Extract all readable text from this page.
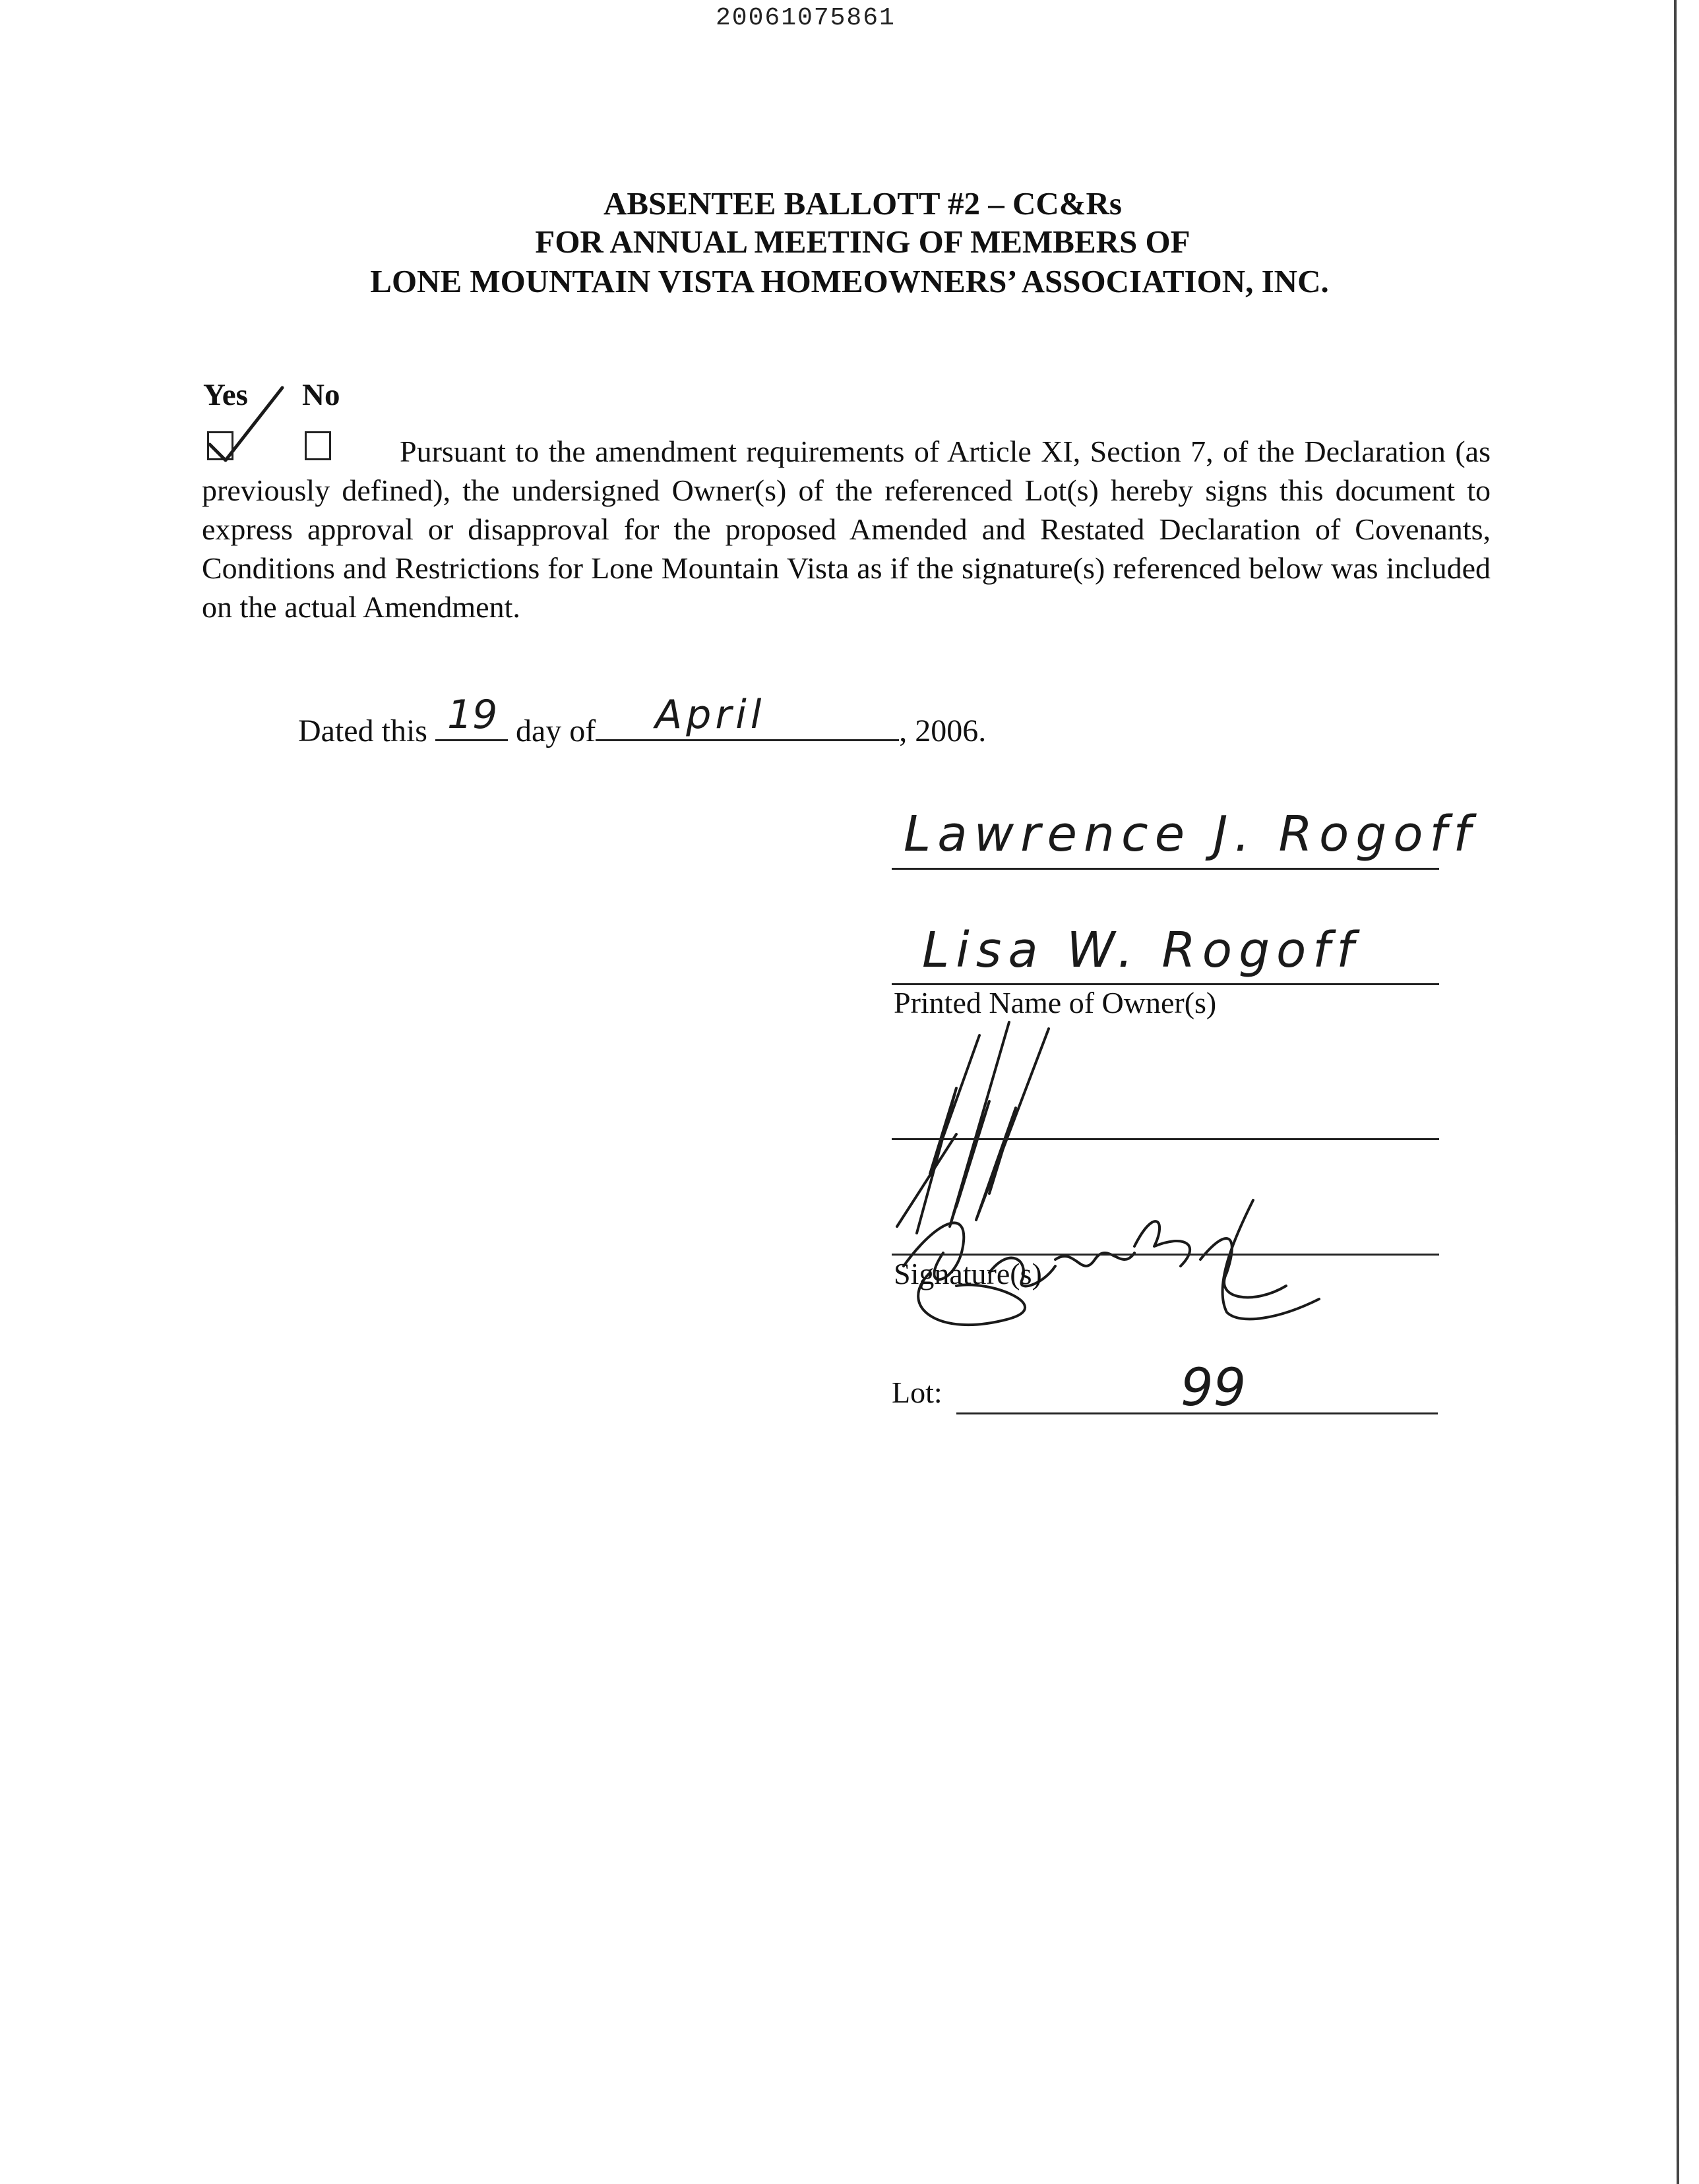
20061075861
ABSENTEE BALLOTT #2 – CC&Rs
FOR ANNUAL MEETING OF MEMBERS OF
LONE MOUNTAIN VISTA HOMEOWNERS’ ASSOCIATION, INC.
Yes No
Pursuant to the amendment requirements of Article XI, Section 7, of the Declaration (as previously defined), the undersigned Owner(s) of the referenced Lot(s) hereby signs this document to express approval or disapproval for the proposed Amended and Restated Declaration of Covenants, Conditions and Restrictions for Lone Mountain Vista as if the signature(s) referenced below was included on the actual Amendment.
Dated this 19 day of April	, 2006.
Lawrence J. Rogoff
Lisa W. Rogoff
Printed Name of Owner(s)
Signature(s)
Lot:	99
